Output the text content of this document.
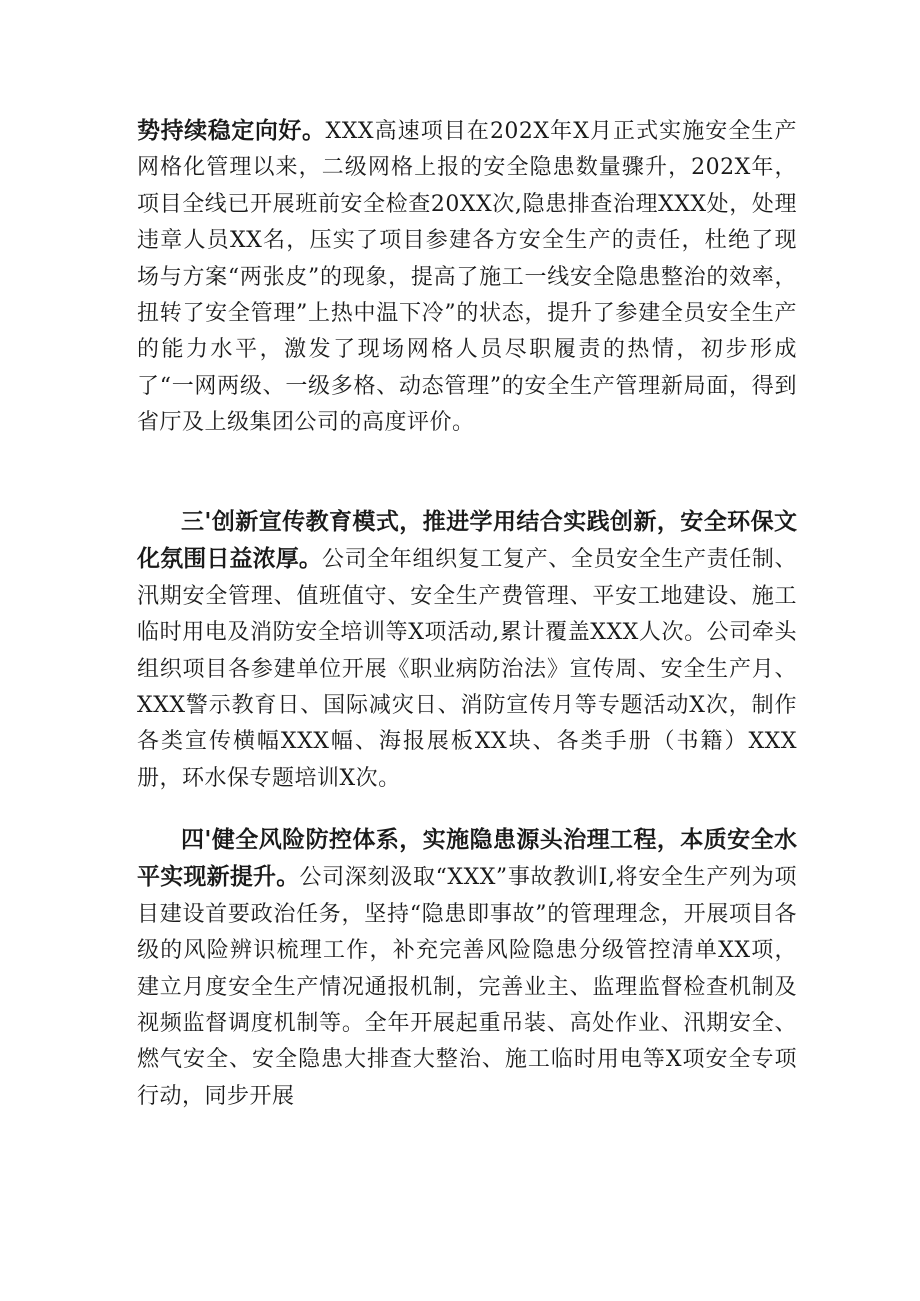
势持续稳定向好。XXX高速项目在202X年X月正式实施安全生产网格化管理以来，二级网格上报的安全隐患数量骤升，202X年，项目全线已开展班前安全检查20XX次,隐患排查治理XXX处，处理违章人员XX名，压实了项目参建各方安全生产的责任，杜绝了现场与方案“两张皮”的现象，提高了施工一线安全隐患整治的效率，扭转了安全管理”上热中温下冷”的状态，提升了参建全员安全生产的能力水平，激发了现场网格人员尽职履责的热情，初步形成了“一网两级、一级多格、动态管理”的安全生产管理新局面，得到省厅及上级集团公司的高度评价。

三'创新宣传教育模式，推进学用结合实践创新，安全环保文化氛围日益浓厚。公司全年组织复工复产、全员安全生产责任制、汛期安全管理、值班值守、安全生产费管理、平安工地建设、施工临时用电及消防安全培训等X项活动,累计覆盖XXX人次。公司牵头组织项目各参建单位开展《职业病防治法》宣传周、安全生产月、XXX警示教育日、国际减灾日、消防宣传月等专题活动X次，制作各类宣传横幅XXX幅、海报展板XX块、各类手册（书籍）XXX册，环水保专题培训X次。

四'健全风险防控体系，实施隐患源头治理工程，本质安全水平实现新提升。公司深刻汲取“XXX”事故教训I,将安全生产列为项目建设首要政治任务，坚持“隐患即事故”的管理理念，开展项目各级的风险辨识梳理工作，补充完善风险隐患分级管控清单XX项，建立月度安全生产情况通报机制，完善业主、监理监督检查机制及视频监督调度机制等。全年开展起重吊装、高处作业、汛期安全、燃气安全、安全隐患大排查大整治、施工临时用电等X项安全专项行动，同步开展
